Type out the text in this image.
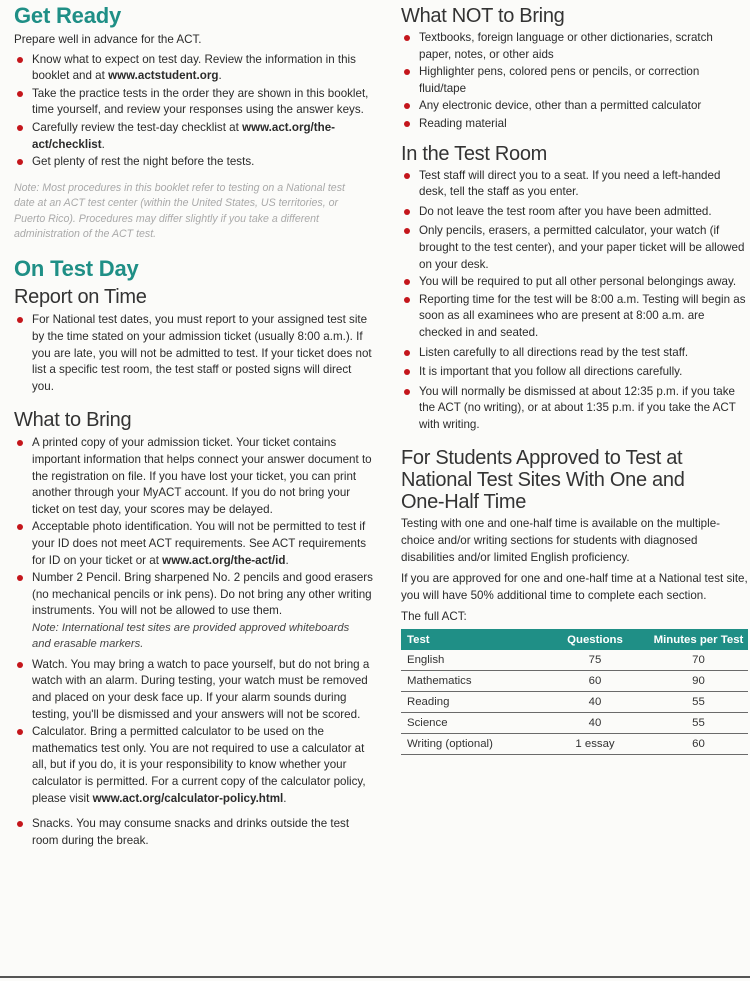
Get Ready

Prepare well in advance for the ACT.

Know what to expect on test day. Review the information in this booklet and at www.actstudent.org.
Take the practice tests in the order they are shown in this booklet, time yourself, and review your responses using the answer keys.
Carefully review the test-day checklist at www.act.org/the-act/checklist.
Get plenty of rest the night before the tests.

Note: Most procedures in this booklet refer to testing on a National test date at an ACT test center (within the United States, US territories, or Puerto Rico). Procedures may differ slightly if you take a different administration of the ACT test.

On Test Day
Report on Time
For National test dates, you must report to your assigned test site by the time stated on your admission ticket (usually 8:00 a.m.). If you are late, you will not be admitted to test. If your ticket does not list a specific test room, the test staff or posted signs will direct you.
What to Bring
A printed copy of your admission ticket. Your ticket contains important information that helps connect your answer document to the registration on file. If you have lost your ticket, you can print another through your MyACT account. If you do not bring your ticket on test day, your scores may be delayed.
Acceptable photo identification. You will not be permitted to test if your ID does not meet ACT requirements. See ACT requirements for ID on your ticket or at www.act.org/the-act/id.
Number 2 Pencil. Bring sharpened No. 2 pencils and good erasers (no mechanical pencils or ink pens). Do not bring any other writing instruments. You will not be allowed to use them.

Note: International test sites are provided approved whiteboards and erasable markers.

Watch. You may bring a watch to pace yourself, but do not bring a watch with an alarm. During testing, your watch must be removed and placed on your desk face up. If your alarm sounds during testing, you'll be dismissed and your answers will not be scored.
Calculator. Bring a permitted calculator to be used on the mathematics test only. You are not required to use a calculator at all, but if you do, it is your responsibility to know whether your calculator is permitted. For a current copy of the calculator policy, please visit www.act.org/calculator-policy.html.
Snacks. You may consume snacks and drinks outside the test room during the break.
What NOT to Bring
Textbooks, foreign language or other dictionaries, scratch paper, notes, or other aids
Highlighter pens, colored pens or pencils, or correction fluid/tape
Any electronic device, other than a permitted calculator
Reading material
In the Test Room
Test staff will direct you to a seat. If you need a left-handed desk, tell the staff as you enter.
Do not leave the test room after you have been admitted.
Only pencils, erasers, a permitted calculator, your watch (if brought to the test center), and your paper ticket will be allowed on your desk.
You will be required to put all other personal belongings away.
Reporting time for the test will be 8:00 a.m. Testing will begin as soon as all examinees who are present at 8:00 a.m. are checked in and seated.
Listen carefully to all directions read by the test staff.
It is important that you follow all directions carefully.
You will normally be dismissed at about 12:35 p.m. if you take the ACT (no writing), or at about 1:35 p.m. if you take the ACT with writing.
For Students Approved to Test at National Test Sites With One and One-Half Time

Testing with one and one-half time is available on the multiple-choice and/or writing sections for students with diagnosed disabilities and/or limited English proficiency.

If you are approved for one and one-half time at a National test site, you will have 50% additional time to complete each section.

The full ACT:

Test	Questions	Minutes per Test
English	75	70
Mathematics	60	90
Reading	40	55
Science	40	55
Writing (optional)	1 essay	60
